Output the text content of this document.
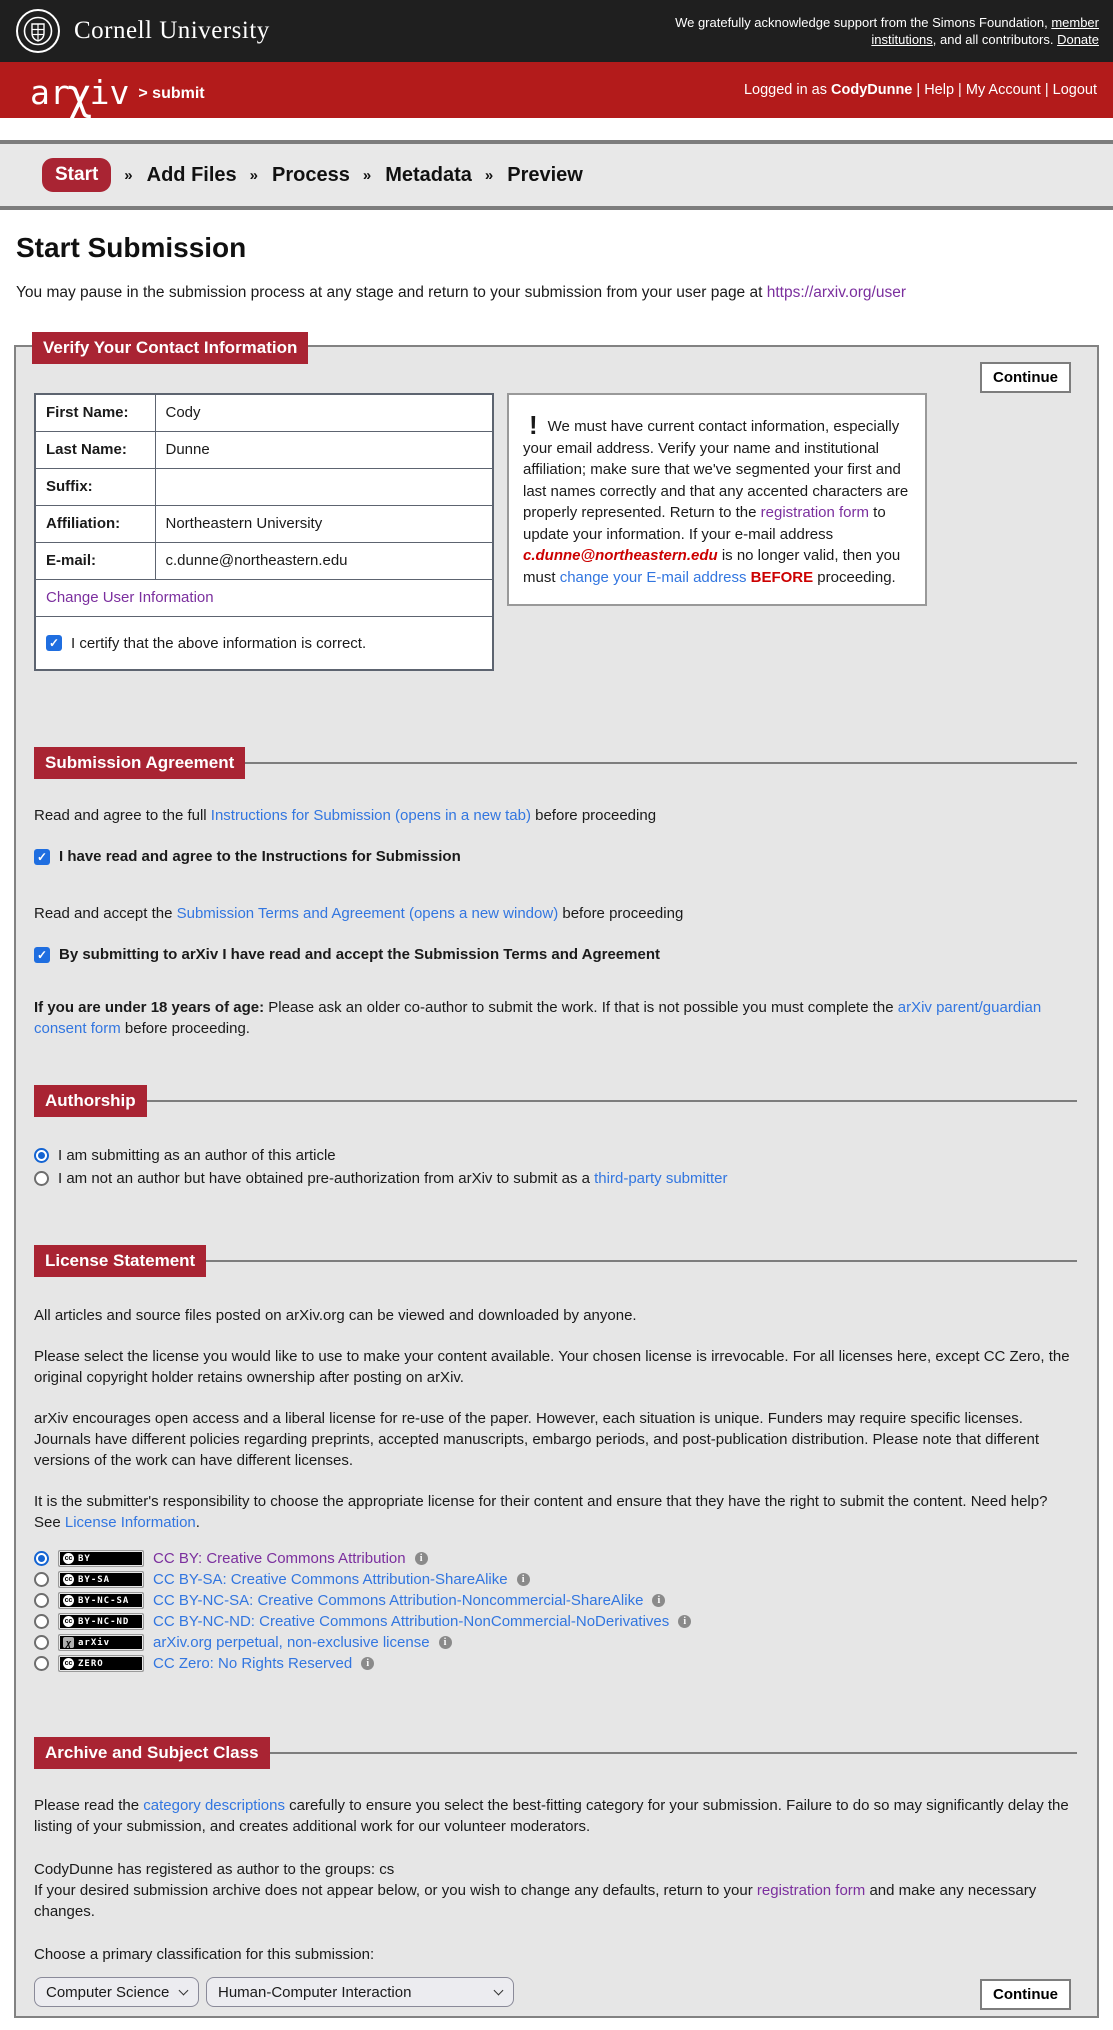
Cornell University	We gratefully acknowledge support from the Simons Foundation, member institutions, and all contributors. Donate
arχiv > submit	Logged in as CodyDunne | Help | My Account | Logout
Start	» Add Files » Process » Metadata » Preview
Start Submission
You may pause in the submission process at any stage and return to your submission from your user page at https://arxiv.org/user
Verify Your Contact Information
Continue
First Name:	Cody
Last Name:	Dunne
Suffix:	
Affiliation:	Northeastern University
E-mail:	c.dunne@northeastern.edu
Change User Information	
✓I certify that the above information is correct.
! We must have current contact information, especially your email address. Verify your name and institutional affiliation; make sure that we've segmented your first and last names correctly and that any accented characters are properly represented. Return to the registration form to update your information. If your e-mail address c.dunne@northeastern.edu is no longer valid, then you must change your E-mail address BEFORE proceeding.
Submission Agreement
Read and agree to the full Instructions for Submission (opens in a new tab) before proceeding
✓
I have read and agree to the Instructions for Submission
Read and accept the Submission Terms and Agreement (opens a new window) before proceeding
✓
By submitting to arXiv I have read and accept the Submission Terms and Agreement
If you are under 18 years of age: Please ask an older co-author to submit the work. If that is not possible you must complete the arXiv parent/guardian consent form before proceeding.
Authorship
I am submitting as an author of this article
I am not an author but have obtained pre-authorization from arXiv to submit as a third-party submitter
License Statement
All articles and source files posted on arXiv.org can be viewed and downloaded by anyone.
Please select the license you would like to use to make your content available. Your chosen license is irrevocable. For all licenses here, except CC Zero, the original copyright holder retains ownership after posting on arXiv.
arXiv encourages open access and a liberal license for re-use of the paper. However, each situation is unique. Funders may require specific licenses. Journals have different policies regarding preprints, accepted manuscripts, embargo periods, and post-publication distribution. Please note that different versions of the work can have different licenses.
It is the submitter's responsibility to choose the appropriate license for their content and ensure that they have the right to submit the content. Need help? See License Information.
cc BY	CC BY: Creative Commons Attribution
i
cc BY-SA	CC BY-SA: Creative Commons Attribution-ShareAlike
i
cc BY-NC-SA CC BY-NC-SA: Creative Commons Attribution-Noncommercial-ShareAlike
i
cc BY-NC-ND CC BY-NC-ND: Creative Commons Attribution-NonCommercial-NoDerivatives
i
χ arXiv	arXiv.org perpetual, non-exclusive license
i
cc ZERO	CC Zero: No Rights Reserved
i
Archive and Subject Class
Please read the category descriptions carefully to ensure you select the best-fitting category for your submission. Failure to do so may significantly delay the listing of your submission, and creates additional work for our volunteer moderators.
CodyDunne has registered as author to the groups: cs
If your desired submission archive does not appear below, or you wish to change any defaults, return to your registration form and make any necessary changes.
Choose a primary classification for this submission:
Computer Science	Human-Computer Interaction	Continue
